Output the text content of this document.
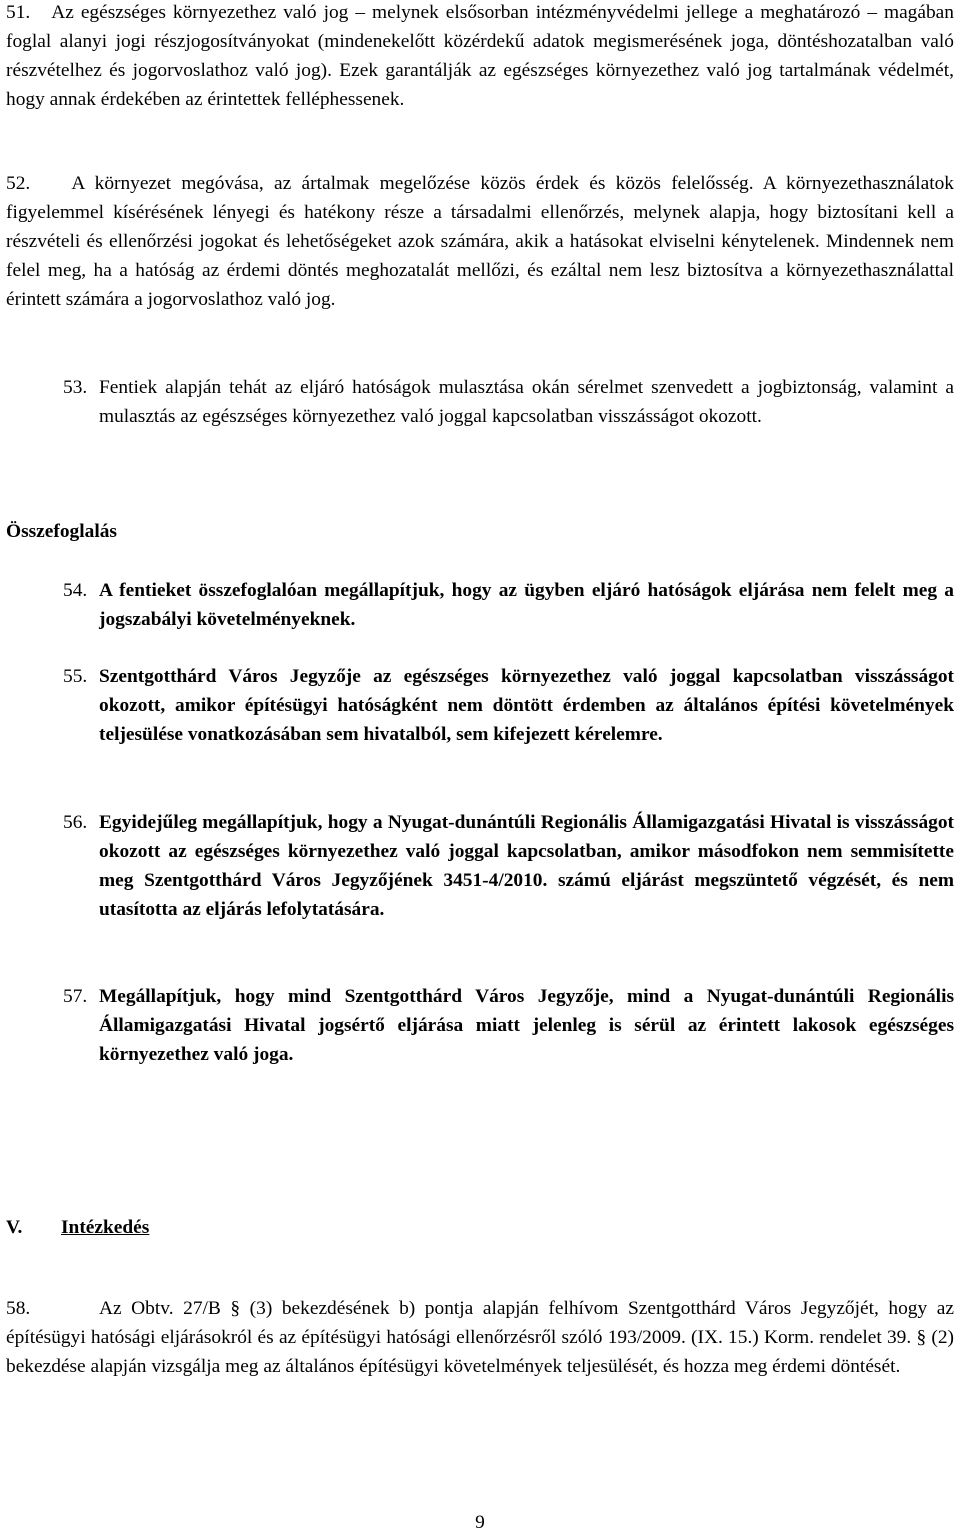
51. Az egészséges környezethez való jog – melynek elsősorban intézményvédelmi jellege a meghatározó – magában foglal alanyi jogi részjogosítványokat (mindenekelőtt közérdekű adatok megismerésének joga, döntéshozatalban való részvételhez és jogorvoslathoz való jog). Ezek garantálják az egészséges környezethez való jog tartalmának védelmét, hogy annak érdekében az érintettek felléphessenek.

52. A környezet megóvása, az ártalmak megelőzése közös érdek és közös felelősség. A környezethasználatok figyelemmel kísérésének lényegi és hatékony része a társadalmi ellenőrzés, melynek alapja, hogy biztosítani kell a részvételi és ellenőrzési jogokat és lehetőségeket azok számára, akik a hatásokat elviselni kénytelenek. Mindennek nem felel meg, ha a hatóság az érdemi döntés meghozatalát mellőzi, és ezáltal nem lesz biztosítva a környezethasználattal érintett számára a jogorvoslathoz való jog.

53. Fentiek alapján tehát az eljáró hatóságok mulasztása okán sérelmet szenvedett a jogbiztonság, valamint a mulasztás az egészséges környezethez való joggal kapcsolatban visszásságot okozott.
Összefoglalás
54. A fentieket összefoglalóan megállapítjuk, hogy az ügyben eljáró hatóságok eljárása nem felelt meg a jogszabályi követelményeknek.
55. Szentgotthárd Város Jegyzője az egészséges környezethez való joggal kapcsolatban visszásságot okozott, amikor építésügyi hatóságként nem döntött érdemben az általános építési követelmények teljesülése vonatkozásában sem hivatalból, sem kifejezett kérelemre.
56. Egyidejűleg megállapítjuk, hogy a Nyugat-dunántúli Regionális Államigazgatási Hivatal is visszásságot okozott az egészséges környezethez való joggal kapcsolatban, amikor másodfokon nem semmisítette meg Szentgotthárd Város Jegyzőjének 3451-4/2010. számú eljárást megszüntető végzését, és nem utasította az eljárás lefolytatására.
57. Megállapítjuk, hogy mind Szentgotthárd Város Jegyzője, mind a Nyugat-dunántúli Regionális Államigazgatási Hivatal jogsértő eljárása miatt jelenleg is sérül az érintett lakosok egészséges környezethez való joga.
V. Intézkedés

58.	Az Obtv. 27/B § (3) bekezdésének b) pontja alapján felhívom Szentgotthárd Város Jegyzőjét, hogy az építésügyi hatósági eljárásokról és az építésügyi hatósági ellenőrzésről szóló 193/2009. (IX. 15.) Korm. rendelet 39. § (2) bekezdése alapján vizsgálja meg az általános építésügyi követelmények teljesülését, és hozza meg érdemi döntését.

9
